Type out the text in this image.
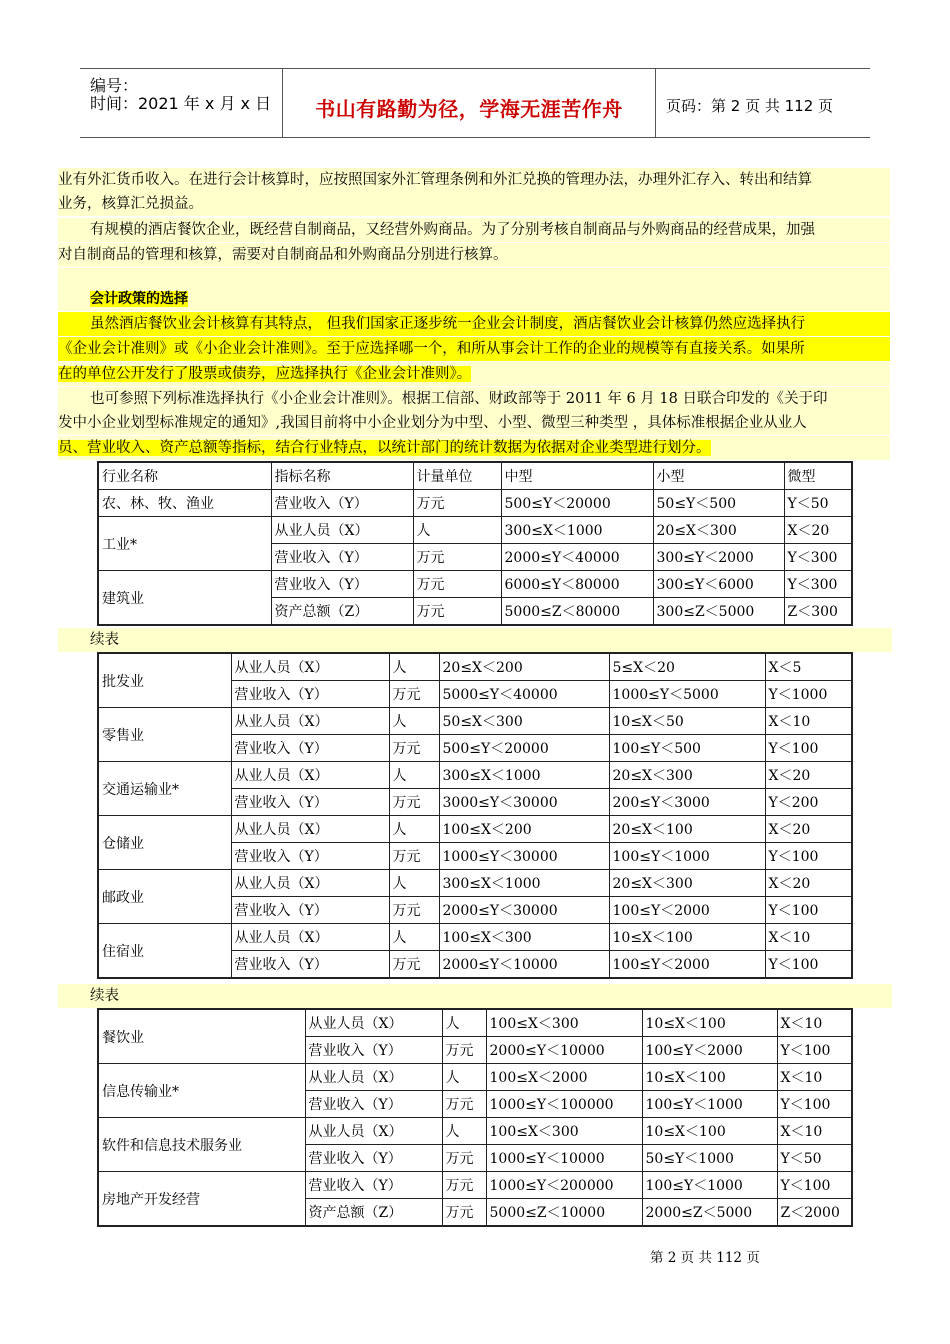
编号：
时间：2021 年 x 月 x 日	书山有路勤为径，学海无涯苦作舟	页码：第 2 页 共 112 页
业有外汇货币收入。在进行会计核算时，应按照国家外汇管理条例和外汇兑换的管理办法，办理外汇存入、转出和结算
业务，核算汇兑损益。
有规模的酒店餐饮企业，既经营自制商品，又经营外购商品。为了分别考核自制商品与外购商品的经营成果，加强
对自制商品的管理和核算，需要对自制商品和外购商品分别进行核算。
会计政策的选择
虽然酒店餐饮业会计核算有其特点， 但我们国家正逐步统一企业会计制度，酒店餐饮业会计核算仍然应选择执行
《企业会计准则》或《小企业会计准则》。至于应选择哪一个，和所从事会计工作的企业的规模等有直接关系。如果所
在的单位公开发行了股票或债券，应选择执行《企业会计准则》。
也可参照下列标准选择执行《小企业会计准则》。根据工信部、财政部等于 2011 年 6 月 18 日联合印发的《关于印
发中小企业划型标准规定的通知》,我国目前将中小企业划分为中型、小型、微型三种类型 ，具体标准根据企业从业人
员、营业收入、资产总额等指标，结合行业特点，以统计部门的统计数据为依据对企业类型进行划分。
行业名称	指标名称	计量单位	中型	小型	微型
农、林、牧、渔业	营业收入（Y）	万元	500≤Y＜20000	50≤Y＜500	Y＜50
工业*	从业人员（X）	人	300≤X＜1000	20≤X＜300	X＜20
	营业收入（Y）	万元	2000≤Y＜40000	300≤Y＜2000	Y＜300
建筑业	营业收入（Y）	万元	6000≤Y＜80000	300≤Y＜6000	Y＜300
	资产总额（Z）	万元	5000≤Z＜80000	300≤Z＜5000	Z＜300
续表
批发业	从业人员（X）	人	20≤X＜200	5≤X＜20	X＜5
	营业收入（Y）	万元	5000≤Y＜40000	1000≤Y＜5000	Y＜1000
零售业	从业人员（X）	人	50≤X＜300	10≤X＜50	X＜10
	营业收入（Y）	万元	500≤Y＜20000	100≤Y＜500	Y＜100
交通运输业*	从业人员（X）	人	300≤X＜1000	20≤X＜300	X＜20
	营业收入（Y）	万元	3000≤Y＜30000	200≤Y＜3000	Y＜200
仓储业	从业人员（X）	人	100≤X＜200	20≤X＜100	X＜20
	营业收入（Y）	万元	1000≤Y＜30000	100≤Y＜1000	Y＜100
邮政业	从业人员（X）	人	300≤X＜1000	20≤X＜300	X＜20
	营业收入（Y）	万元	2000≤Y＜30000	100≤Y＜2000	Y＜100
住宿业	从业人员（X）	人	100≤X＜300	10≤X＜100	X＜10
	营业收入（Y）	万元	2000≤Y＜10000	100≤Y＜2000	Y＜100
续表
餐饮业	从业人员（X）	人	100≤X＜300	10≤X＜100	X＜10
	营业收入（Y）	万元	2000≤Y＜10000	100≤Y＜2000	Y＜100
信息传输业*	从业人员（X）	人	100≤X＜2000	10≤X＜100	X＜10
	营业收入（Y）	万元	1000≤Y＜100000	100≤Y＜1000	Y＜100
软件和信息技术服务业	从业人员（X）	人	100≤X＜300	10≤X＜100	X＜10
	营业收入（Y）	万元	1000≤Y＜10000	50≤Y＜1000	Y＜50
房地产开发经营	营业收入（Y）	万元	1000≤Y＜200000	100≤Y＜1000	Y＜100
	资产总额（Z）	万元	5000≤Z＜10000	2000≤Z＜5000	Z＜2000
第 2 页 共 112 页
